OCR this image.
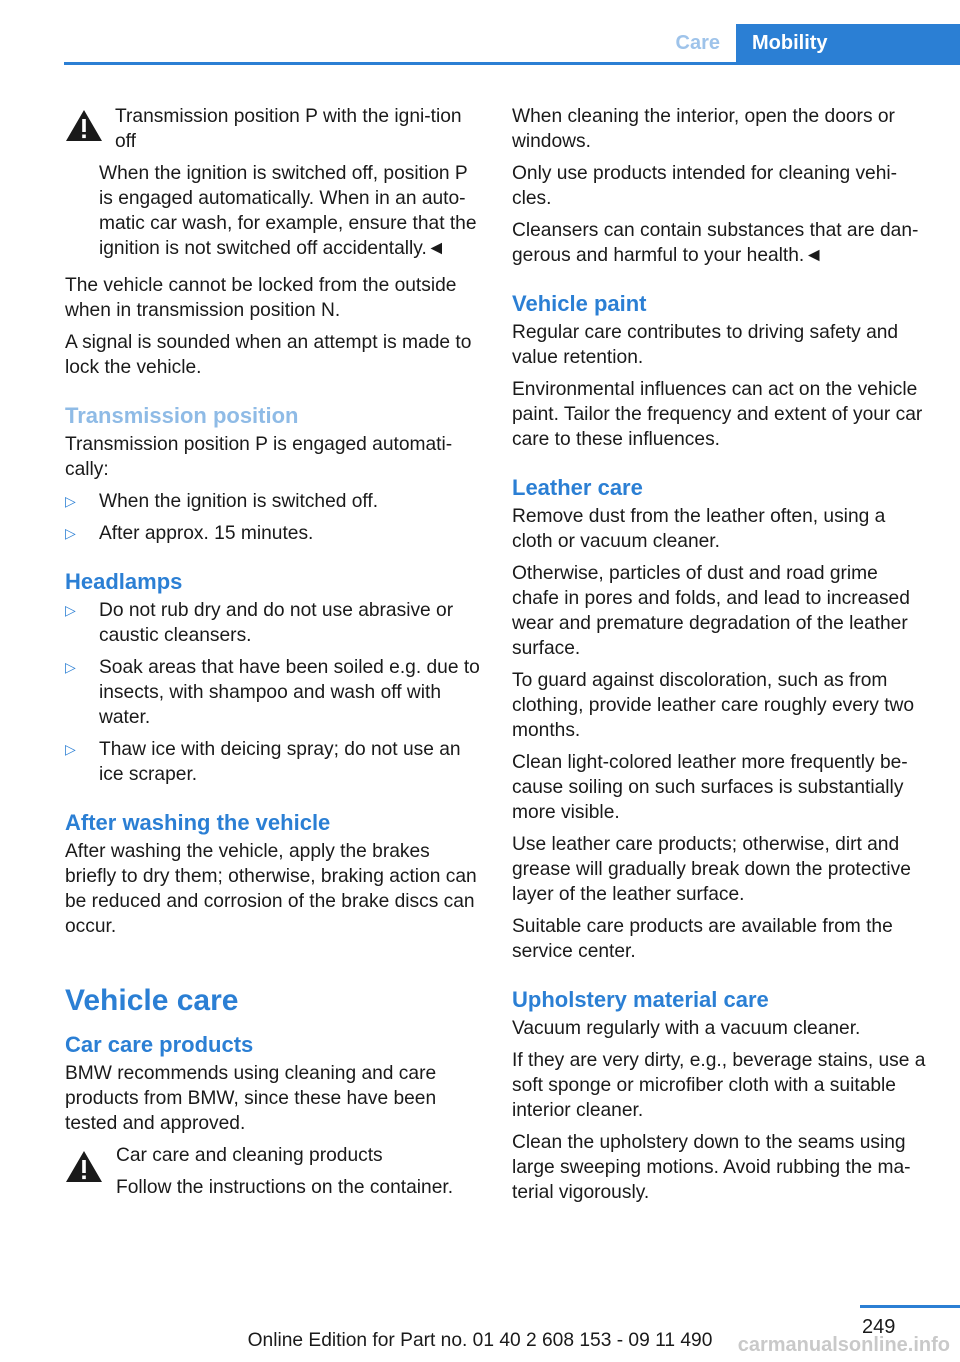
Care	Mobility

Transmission position P with the igni-tion off

When the ignition is switched off, position P is engaged automatically. When in an auto-matic car wash, for example, ensure that the ignition is not switched off accidentally.◄

The vehicle cannot be locked from the outside when in transmission position N.

A signal is sounded when an attempt is made to lock the vehicle.

Transmission position

Transmission position P is engaged automati-cally:

▷ When the ignition is switched off.
▷ After approx. 15 minutes.
Headlamps
▷ Do not rub dry and do not use abrasive or caustic cleansers.
▷ Soak areas that have been soiled e.g. due to insects, with shampoo and wash off with water.
▷ Thaw ice with deicing spray; do not use an ice scraper.
After washing the vehicle

After washing the vehicle, apply the brakes briefly to dry them; otherwise, braking action can be reduced and corrosion of the brake discs can occur.

Vehicle care
Car care products

BMW recommends using cleaning and care products from BMW, since these have been tested and approved.

Car care and cleaning products

Follow the instructions on the container.

When cleaning the interior, open the doors or windows.

Only use products intended for cleaning vehi-cles.

Cleansers can contain substances that are dan-gerous and harmful to your health.◄

Vehicle paint

Regular care contributes to driving safety and value retention.

Environmental influences can act on the vehicle paint. Tailor the frequency and extent of your car care to these influences.

Leather care

Remove dust from the leather often, using a cloth or vacuum cleaner.

Otherwise, particles of dust and road grime chafe in pores and folds, and lead to increased wear and premature degradation of the leather surface.

To guard against discoloration, such as from clothing, provide leather care roughly every two months.

Clean light-colored leather more frequently be-cause soiling on such surfaces is substantially more visible.

Use leather care products; otherwise, dirt and grease will gradually break down the protective layer of the leather surface.

Suitable care products are available from the service center.

Upholstery material care

Vacuum regularly with a vacuum cleaner.

If they are very dirty, e.g., beverage stains, use a soft sponge or microfiber cloth with a suitable interior cleaner.

Clean the upholstery down to the seams using large sweeping motions. Avoid rubbing the ma-terial vigorously.

249
Online Edition for Part no. 01 40 2 608 153 - 09 11 490	carmanualsonline.info
